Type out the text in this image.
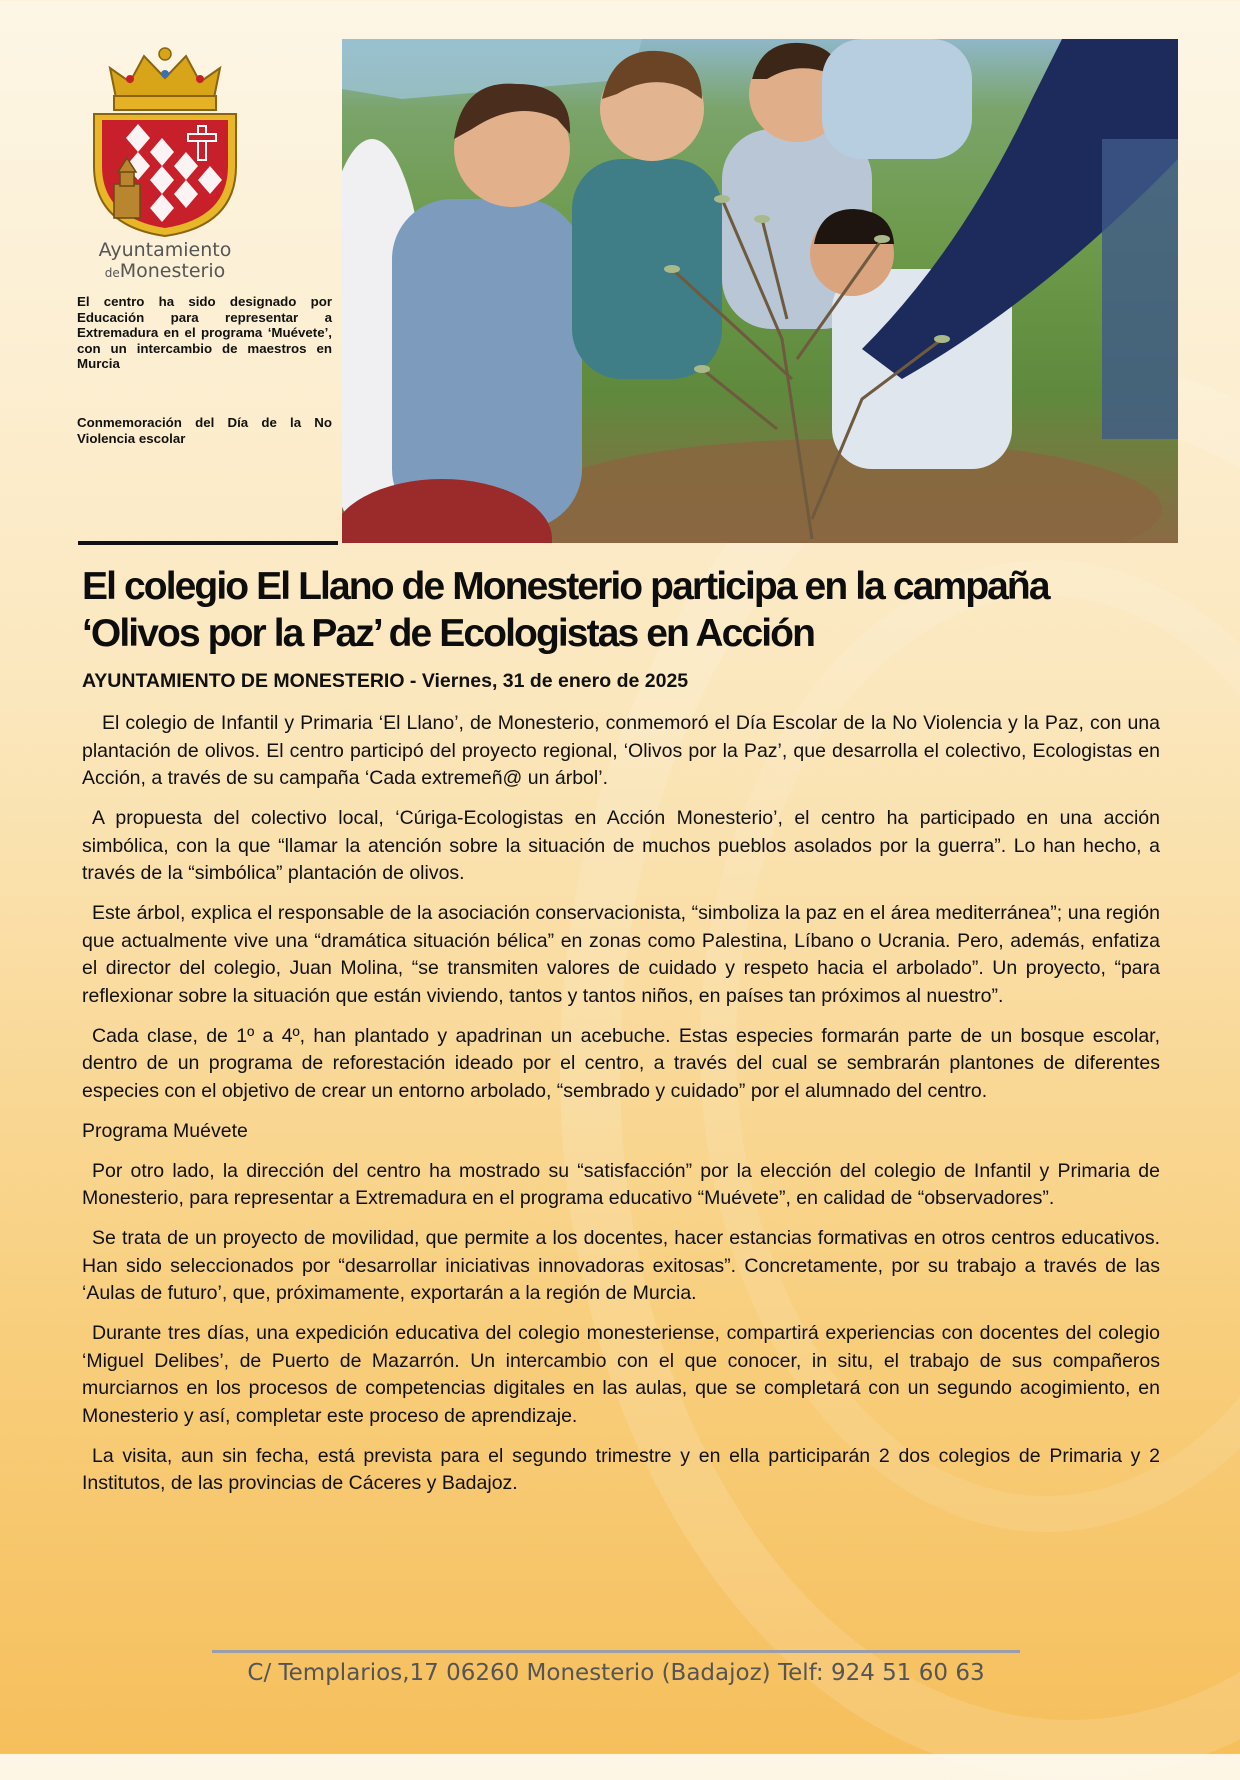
Ayuntamiento
deMonesterio
El centro ha sido designado por Educación para representar a Extremadura en el programa ‘Muévete’, con un intercambio de maestros en Murcia
Conmemoración del Día de la No Violencia escolar
El colegio El Llano de Monesterio participa en la campaña ‘Olivos por la Paz’ de Ecologistas en Acción
AYUNTAMIENTO DE MONESTERIO - Viernes, 31 de enero de 2025

El colegio de Infantil y Primaria ‘El Llano’, de Monesterio, conmemoró el Día Escolar de la No Violencia y la Paz, con una plantación de olivos. El centro participó del proyecto regional, ‘Olivos por la Paz’, que desarrolla el colectivo, Ecologistas en Acción, a través de su campaña ‘Cada extremeñ@ un árbol’.

A propuesta del colectivo local, ‘Cúriga-Ecologistas en Acción Monesterio’, el centro ha participado en una acción simbólica, con la que “llamar la atención sobre la situación de muchos pueblos asolados por la guerra”. Lo han hecho, a través de la “simbólica” plantación de olivos.

Este árbol, explica el responsable de la asociación conservacionista, “simboliza la paz en el área mediterránea”; una región que actualmente vive una “dramática situación bélica” en zonas como Palestina, Líbano o Ucrania. Pero, además, enfatiza el director del colegio, Juan Molina, “se transmiten valores de cuidado y respeto hacia el arbolado”. Un proyecto, “para reflexionar sobre la situación que están viviendo, tantos y tantos niños, en países tan próximos al nuestro”.

Cada clase, de 1º a 4º, han plantado y apadrinan un acebuche. Estas especies formarán parte de un bosque escolar, dentro de un programa de reforestación ideado por el centro, a través del cual se sembrarán plantones de diferentes especies con el objetivo de crear un entorno arbolado, “sembrado y cuidado” por el alumnado del centro.

Programa Muévete

Por otro lado, la dirección del centro ha mostrado su “satisfacción” por la elección del colegio de Infantil y Primaria de Monesterio, para representar a Extremadura en el programa educativo “Muévete”, en calidad de “observadores”.

Se trata de un proyecto de movilidad, que permite a los docentes, hacer estancias formativas en otros centros educativos. Han sido seleccionados por “desarrollar iniciativas innovadoras exitosas”. Concretamente, por su trabajo a través de las ‘Aulas de futuro’, que, próximamente, exportarán a la región de Murcia.

Durante tres días, una expedición educativa del colegio monesteriense, compartirá experiencias con docentes del colegio ‘Miguel Delibes’, de Puerto de Mazarrón. Un intercambio con el que conocer, in situ, el trabajo de sus compañeros murciarnos en los procesos de competencias digitales en las aulas, que se completará con un segundo acogimiento, en Monesterio y así, completar este proceso de aprendizaje.

La visita, aun sin fecha, está prevista para el segundo trimestre y en ella participarán 2 dos colegios de Primaria y 2 Institutos, de las provincias de Cáceres y Badajoz.

C/ Templarios,17 06260 Monesterio (Badajoz) Telf: 924 51 60 63
